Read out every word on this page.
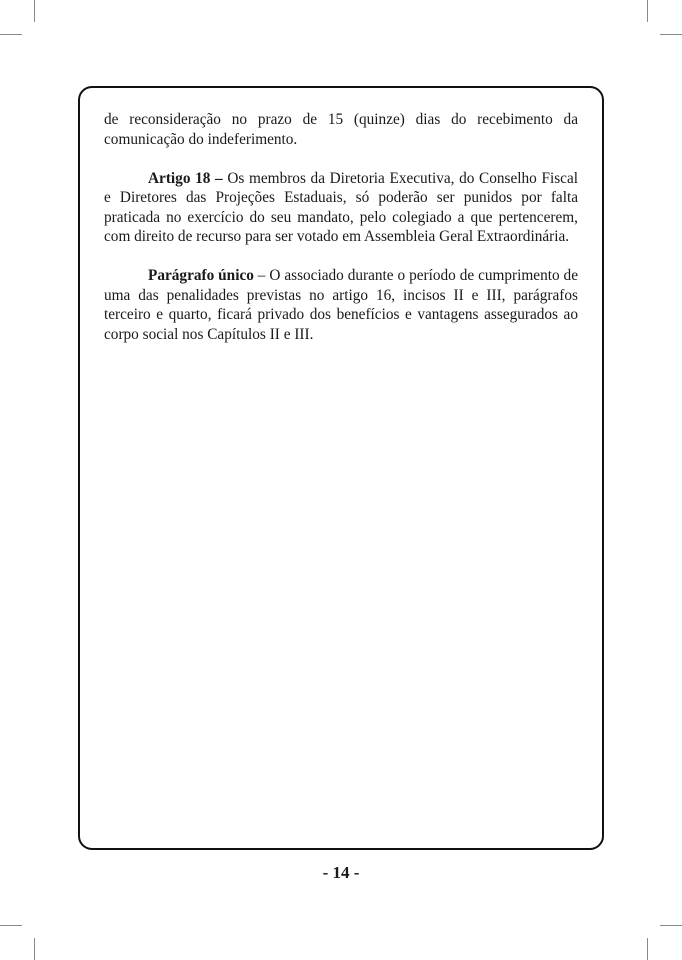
de reconsideração no prazo de 15 (quinze) dias do recebimento da comunicação do indeferimento.

Artigo 18 – Os membros da Diretoria Executiva, do Conselho Fiscal e Diretores das Projeções Estaduais, só poderão ser punidos por falta praticada no exercício do seu mandato, pelo colegiado a que pertencerem, com direito de recurso para ser votado em Assembleia Geral Extraordinária.

Parágrafo único – O associado durante o período de cumprimento de uma das penalidades previstas no artigo 16, incisos II e III, parágrafos terceiro e quarto, ficará privado dos benefícios e vantagens assegurados ao corpo social nos Capítulos II e III.

- 14 -
